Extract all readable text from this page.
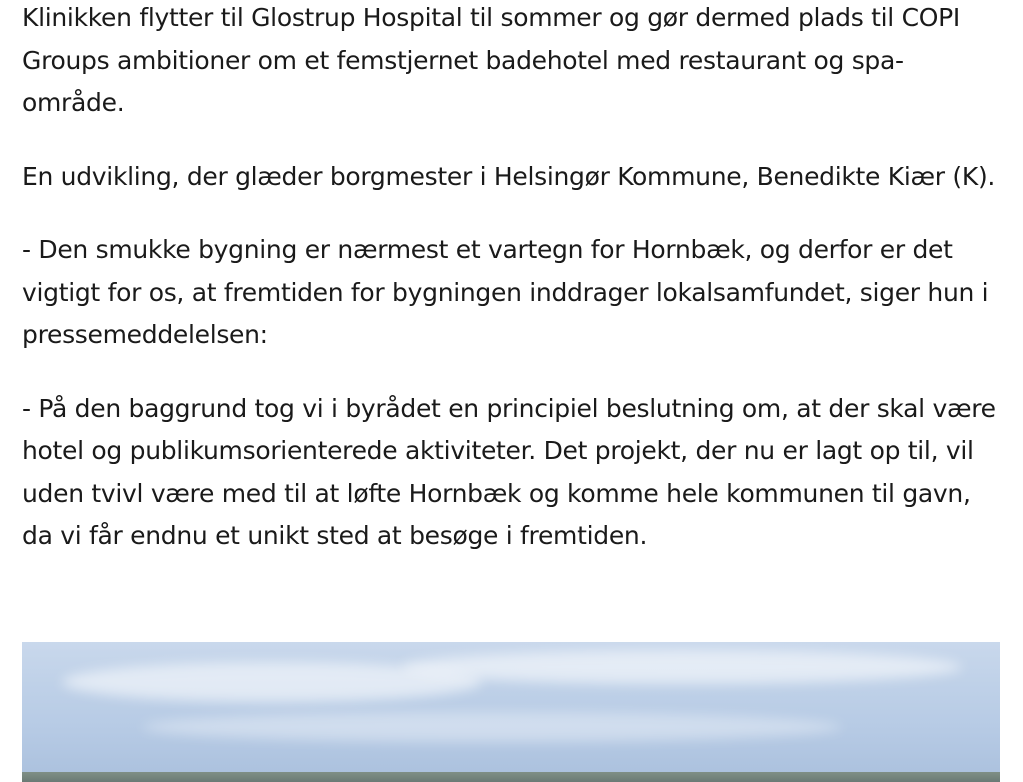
Klinikken flytter til Glostrup Hospital til sommer og gør dermed plads til COPI Groups ambitioner om et femstjernet badehotel med restaurant og spa-område.

En udvikling, der glæder borgmester i Helsingør Kommune, Benedikte Kiær (K).

- Den smukke bygning er nærmest et vartegn for Hornbæk, og derfor er det vigtigt for os, at fremtiden for bygningen inddrager lokalsamfundet, siger hun i pressemeddelelsen:

- På den baggrund tog vi i byrådet en principiel beslutning om, at der skal være hotel og publikumsorienterede aktiviteter. Det projekt, der nu er lagt op til, vil uden tvivl være med til at løfte Hornbæk og komme hele kommunen til gavn, da vi får endnu et unikt sted at besøge i fremtiden.
